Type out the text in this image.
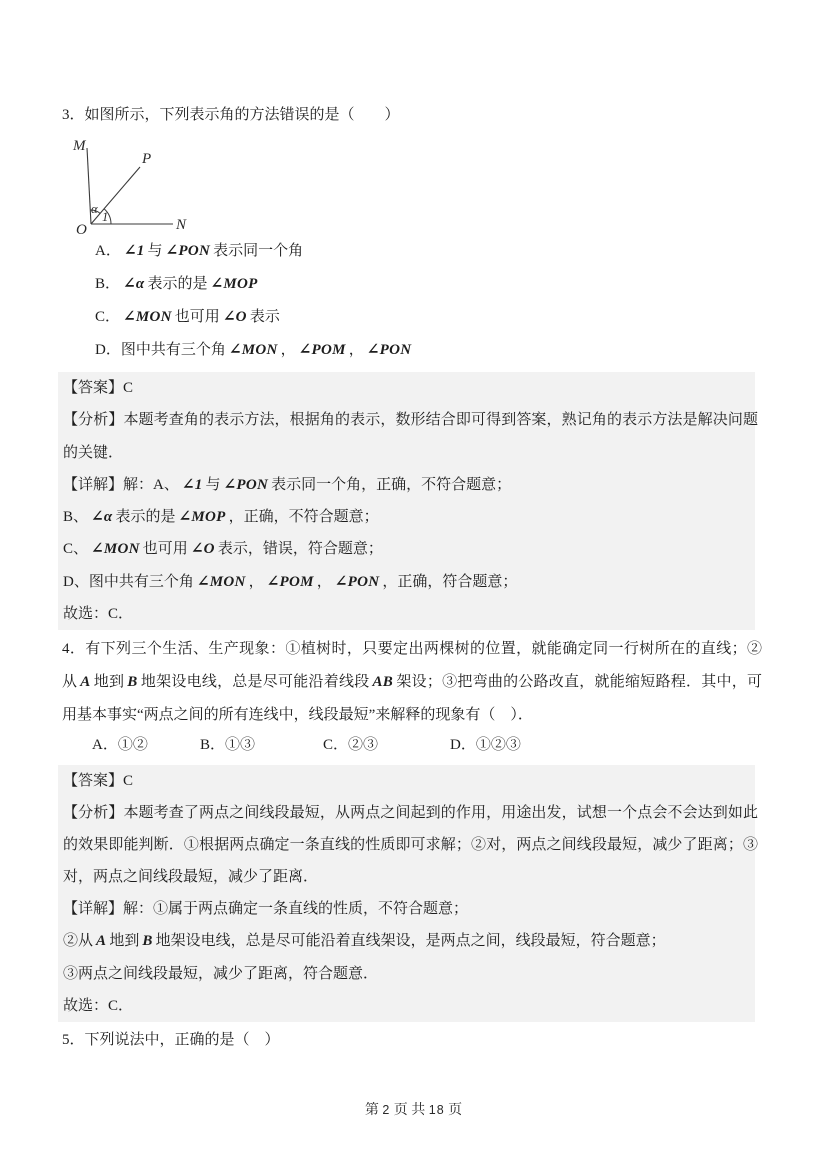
3．如图所示，下列表示角的方法错误的是（　　）
M
P
O	N
α
1
A． ∠1 与 ∠PON 表示同一个角
B． ∠α 表示的是 ∠MOP
C． ∠MON 也可用 ∠O 表示
D．图中共有三个角 ∠MON ， ∠POM ， ∠PON
【答案】C
【分析】本题考查角的表示方法，根据角的表示，数形结合即可得到答案，熟记角的表示方法是解决问题
的关键．
【详解】解：A、 ∠1 与 ∠PON 表示同一个角，正确，不符合题意；
B、 ∠α 表示的是 ∠MOP ，正确，不符合题意；
C、 ∠MON 也可用 ∠O 表示，错误，符合题意；
D、图中共有三个角 ∠MON ， ∠POM ， ∠PON ，正确，符合题意；
故选：C．
4．有下列三个生活、生产现象：①植树时，只要定出两棵树的位置，就能确定同一行树所在的直线；②
从 A 地到 B 地架设电线，总是尽可能沿着线段 AB 架设；③把弯曲的公路改直，就能缩短路程．其中，可
用基本事实“两点之间的所有连线中，线段最短”来解释的现象有（　）．
A．①②	B．①③	C．②③	D．①②③
【答案】C
【分析】本题考查了两点之间线段最短，从两点之间起到的作用，用途出发，试想一个点会不会达到如此
的效果即能判断．①根据两点确定一条直线的性质即可求解；②对，两点之间线段最短，减少了距离；③
对，两点之间线段最短，减少了距离．
【详解】解：①属于两点确定一条直线的性质，不符合题意；
②从 A 地到 B 地架设电线，总是尽可能沿着直线架设，是两点之间，线段最短，符合题意；
③两点之间线段最短，减少了距离，符合题意．
故选：C．
5．下列说法中，正确的是（　）
第 2 页 共 18 页
